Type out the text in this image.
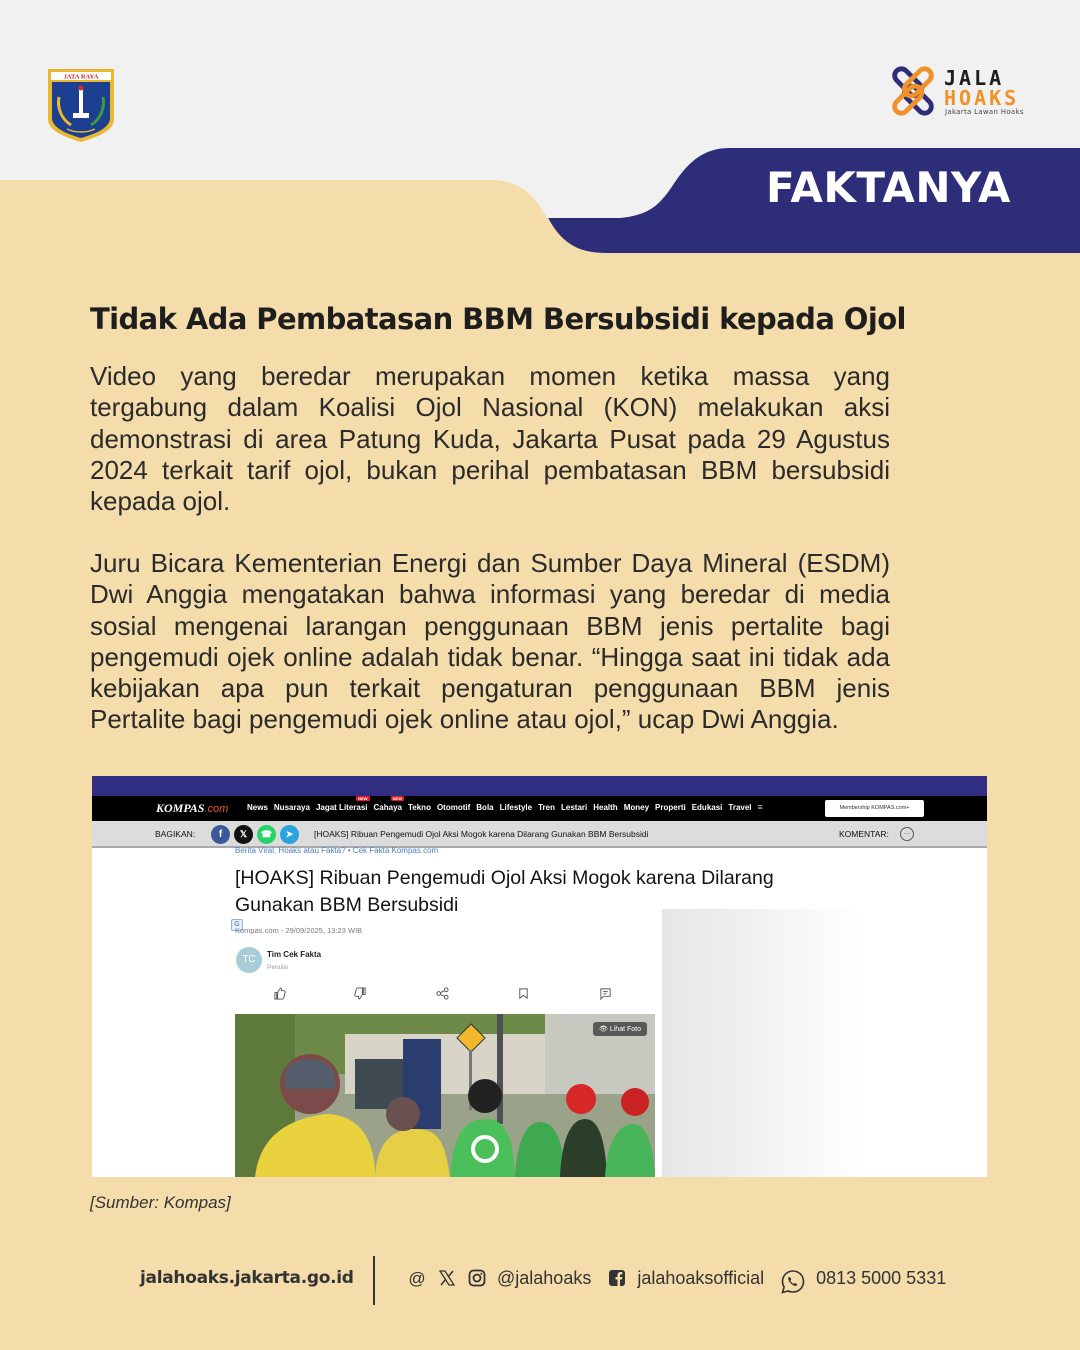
FAKTANYA
JATA RAYA	JALA
HOAKS
Jakarta Lawan Hoaks
Tidak Ada Pembatasan BBM Bersubsidi kepada Ojol

Video yang beredar merupakan momen ketika massa yang tergabung dalam Koalisi Ojol Nasional (KON) melakukan aksi demonstrasi di area Patung Kuda, Jakarta Pusat pada 29 Agustus 2024 terkait tarif ojol, bukan perihal pembatasan BBM bersubsidi kepada ojol.

Juru Bicara Kementerian Energi dan Sumber Daya Mineral (ESDM) Dwi Anggia mengatakan bahwa informasi yang beredar di media sosial mengenai larangan penggunaan BBM jenis pertalite bagi pengemudi ojek online adalah tidak benar. “Hingga saat ini tidak ada kebijakan apa pun terkait pengaturan penggunaan BBM jenis Pertalite bagi pengemudi ojek online atau ojol,” ucap Dwi Anggia.

KOMPAS.com News Nusaraya Jagat Literasi
NEW
Cahaya
NEW
Tekno Otomotif Bola Lifestyle Tren Lestari Health Money Properti Edukasi Travel ≡	Membership KOMPAS.com+
BAGIKAN:	f	𝕏	☎	➤	[HOAKS] Ribuan Pengemudi Ojol Aksi Mogok karena Dilarang Gunakan BBM Bersubsidi	KOMENTAR:	…
Berita Viral, Hoaks atau Fakta? • Cek Fakta Kompas.com
[HOAKS] Ribuan Pengemudi Ojol Aksi Mogok karena Dilarang Gunakan BBM Bersubsidi
G
Kompas.com - 29/09/2025, 13:23 WIB
TC	Tim Cek Fakta
Penulis
👁 Lihat Foto
[Sumber: Kompas]
jalahoaks.jakarta.go.id	@	@jalahoaks	jalahoaksofficial	0813 5000 5331
